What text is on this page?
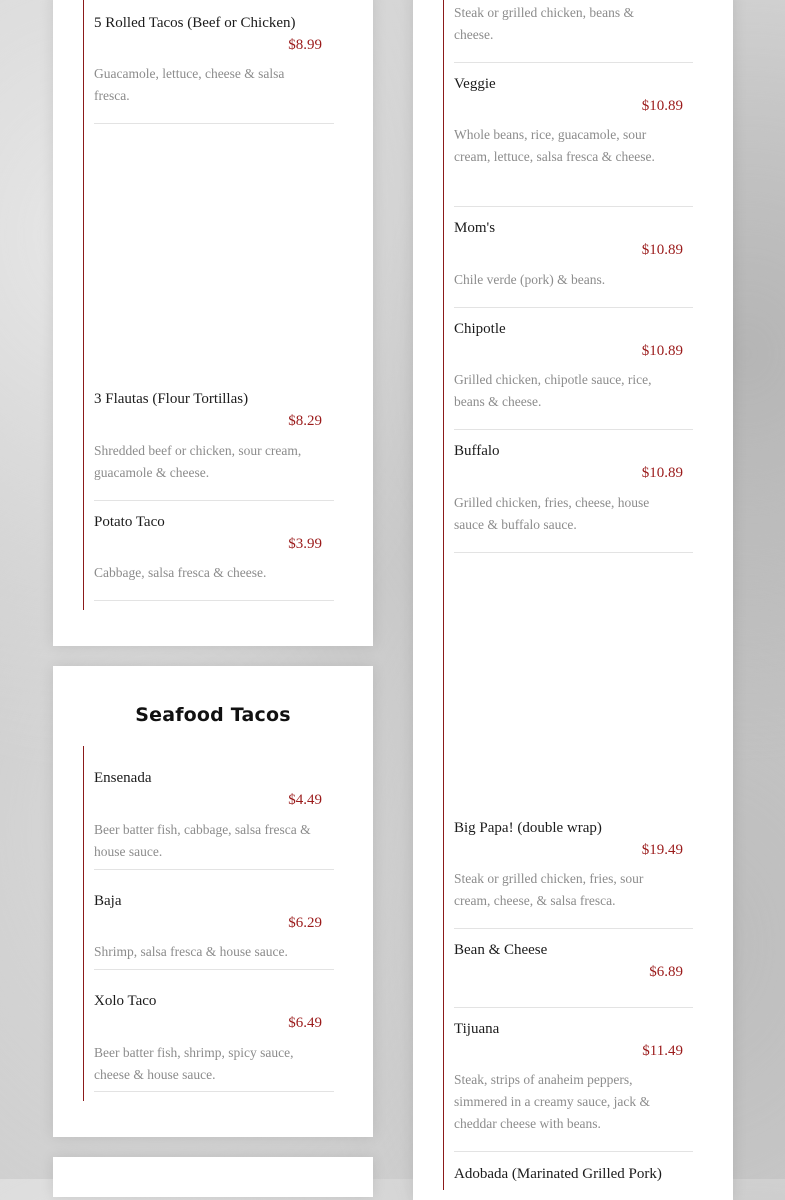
5 Rolled Tacos (Beef or Chicken)
$8.99
Guacamole, lettuce, cheese & salsa fresca.
3 Flautas (Flour Tortillas)
$8.29
Shredded beef or chicken, sour cream, guacamole & cheese.
Potato Taco
$3.99
Cabbage, salsa fresca & cheese.
Seafood Tacos
Ensenada
$4.49
Beer batter fish, cabbage, salsa fresca & house sauce.
Baja
$6.29
Shrimp, salsa fresca & house sauce.
Xolo Taco
$6.49
Beer batter fish, shrimp, spicy sauce, cheese & house sauce.
Steak or grilled chicken, beans & cheese.
Veggie
$10.89
Whole beans, rice, guacamole, sour cream, lettuce, salsa fresca & cheese.
Mom's
$10.89
Chile verde (pork) & beans.
Chipotle
$10.89
Grilled chicken, chipotle sauce, rice, beans & cheese.
Buffalo
$10.89
Grilled chicken, fries, cheese, house sauce & buffalo sauce.
Big Papa! (double wrap)
$19.49
Steak or grilled chicken, fries, sour cream, cheese, & salsa fresca.
Bean & Cheese
$6.89
Tijuana
$11.49
Steak, strips of anaheim peppers, simmered in a creamy sauce, jack & cheddar cheese with beans.
Adobada (Marinated Grilled Pork)
